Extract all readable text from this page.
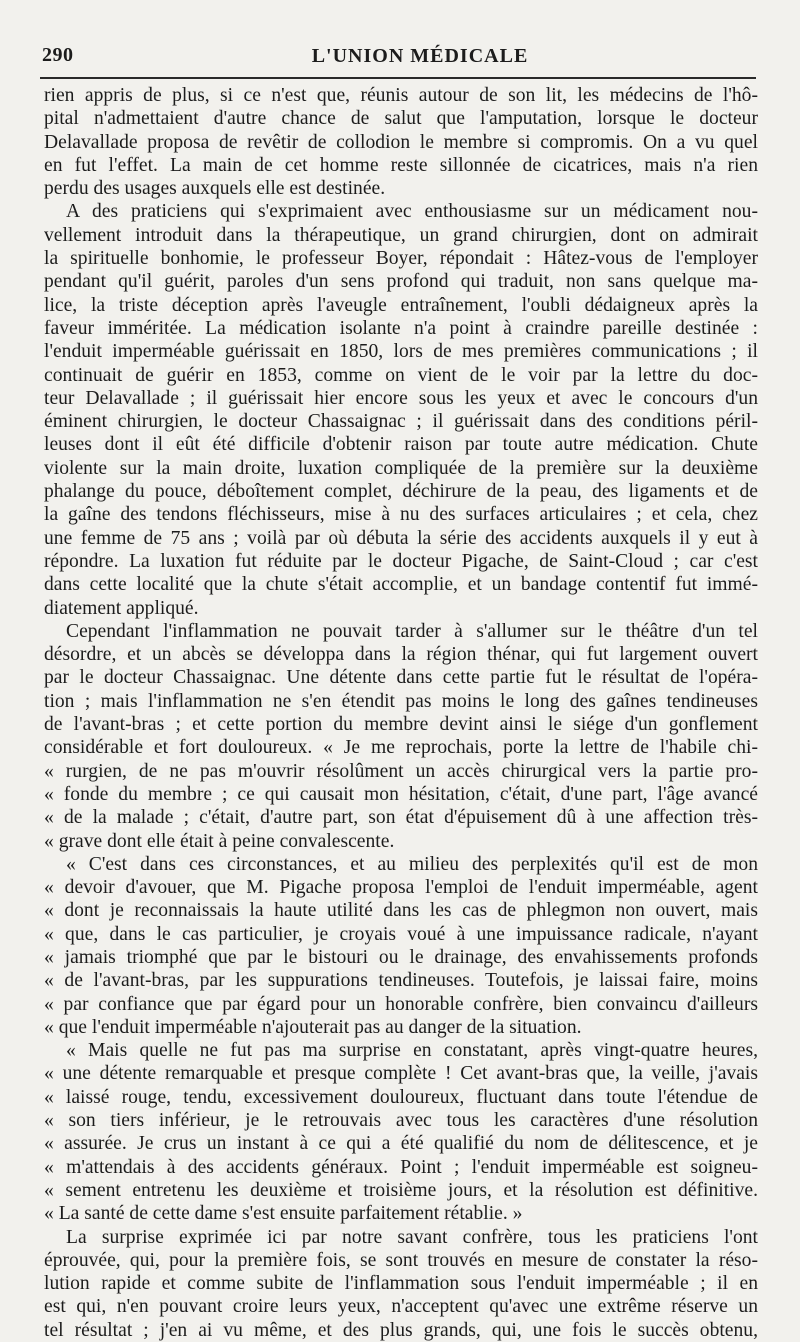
290	L'UNION MÉDICALE
rien appris de plus, si ce n'est que, réunis autour de son lit, les médecins de l'hô-
pital n'admettaient d'autre chance de salut que l'amputation, lorsque le docteur
Delavallade proposa de revêtir de collodion le membre si compromis. On a vu quel
en fut l'effet. La main de cet homme reste sillonnée de cicatrices, mais n'a rien
perdu des usages auxquels elle est destinée.
A des praticiens qui s'exprimaient avec enthousiasme sur un médicament nou-
vellement introduit dans la thérapeutique, un grand chirurgien, dont on admirait
la spirituelle bonhomie, le professeur Boyer, répondait : Hâtez-vous de l'employer
pendant qu'il guérit, paroles d'un sens profond qui traduit, non sans quelque ma-
lice, la triste déception après l'aveugle entraînement, l'oubli dédaigneux après la
faveur imméritée. La médication isolante n'a point à craindre pareille destinée :
l'enduit imperméable guérissait en 1850, lors de mes premières communications ; il
continuait de guérir en 1853, comme on vient de le voir par la lettre du doc-
teur Delavallade ; il guérissait hier encore sous les yeux et avec le concours d'un
éminent chirurgien, le docteur Chassaignac ; il guérissait dans des conditions péril-
leuses dont il eût été difficile d'obtenir raison par toute autre médication. Chute
violente sur la main droite, luxation compliquée de la première sur la deuxième
phalange du pouce, déboîtement complet, déchirure de la peau, des ligaments et de
la gaîne des tendons fléchisseurs, mise à nu des surfaces articulaires ; et cela, chez
une femme de 75 ans ; voilà par où débuta la série des accidents auxquels il y eut à
répondre. La luxation fut réduite par le docteur Pigache, de Saint-Cloud ; car c'est
dans cette localité que la chute s'était accomplie, et un bandage contentif fut immé-
diatement appliqué.
Cependant l'inflammation ne pouvait tarder à s'allumer sur le théâtre d'un tel
désordre, et un abcès se développa dans la région thénar, qui fut largement ouvert
par le docteur Chassaignac. Une détente dans cette partie fut le résultat de l'opéra-
tion ; mais l'inflammation ne s'en étendit pas moins le long des gaînes tendineuses
de l'avant-bras ; et cette portion du membre devint ainsi le siége d'un gonflement
considérable et fort douloureux. « Je me reprochais, porte la lettre de l'habile chi-
« rurgien, de ne pas m'ouvrir résolûment un accès chirurgical vers la partie pro-
« fonde du membre ; ce qui causait mon hésitation, c'était, d'une part, l'âge avancé
« de la malade ; c'était, d'autre part, son état d'épuisement dû à une affection très-
« grave dont elle était à peine convalescente.
« C'est dans ces circonstances, et au milieu des perplexités qu'il est de mon
« devoir d'avouer, que M. Pigache proposa l'emploi de l'enduit imperméable, agent
« dont je reconnaissais la haute utilité dans les cas de phlegmon non ouvert, mais
« que, dans le cas particulier, je croyais voué à une impuissance radicale, n'ayant
« jamais triomphé que par le bistouri ou le drainage, des envahissements profonds
« de l'avant-bras, par les suppurations tendineuses. Toutefois, je laissai faire, moins
« par confiance que par égard pour un honorable confrère, bien convaincu d'ailleurs
« que l'enduit imperméable n'ajouterait pas au danger de la situation.
« Mais quelle ne fut pas ma surprise en constatant, après vingt-quatre heures,
« une détente remarquable et presque complète ! Cet avant-bras que, la veille, j'avais
« laissé rouge, tendu, excessivement douloureux, fluctuant dans toute l'étendue de
« son tiers inférieur, je le retrouvais avec tous les caractères d'une résolution
« assurée. Je crus un instant à ce qui a été qualifié du nom de délitescence, et je
« m'attendais à des accidents généraux. Point ; l'enduit imperméable est soigneu-
« sement entretenu les deuxième et troisième jours, et la résolution est définitive.
« La santé de cette dame s'est ensuite parfaitement rétablie. »
La surprise exprimée ici par notre savant confrère, tous les praticiens l'ont
éprouvée, qui, pour la première fois, se sont trouvés en mesure de constater la réso-
lution rapide et comme subite de l'inflammation sous l'enduit imperméable ; il en
est qui, n'en pouvant croire leurs yeux, n'acceptent qu'avec une extrême réserve un
tel résultat ; j'en ai vu même, et des plus grands, qui, une fois le succès obtenu,
